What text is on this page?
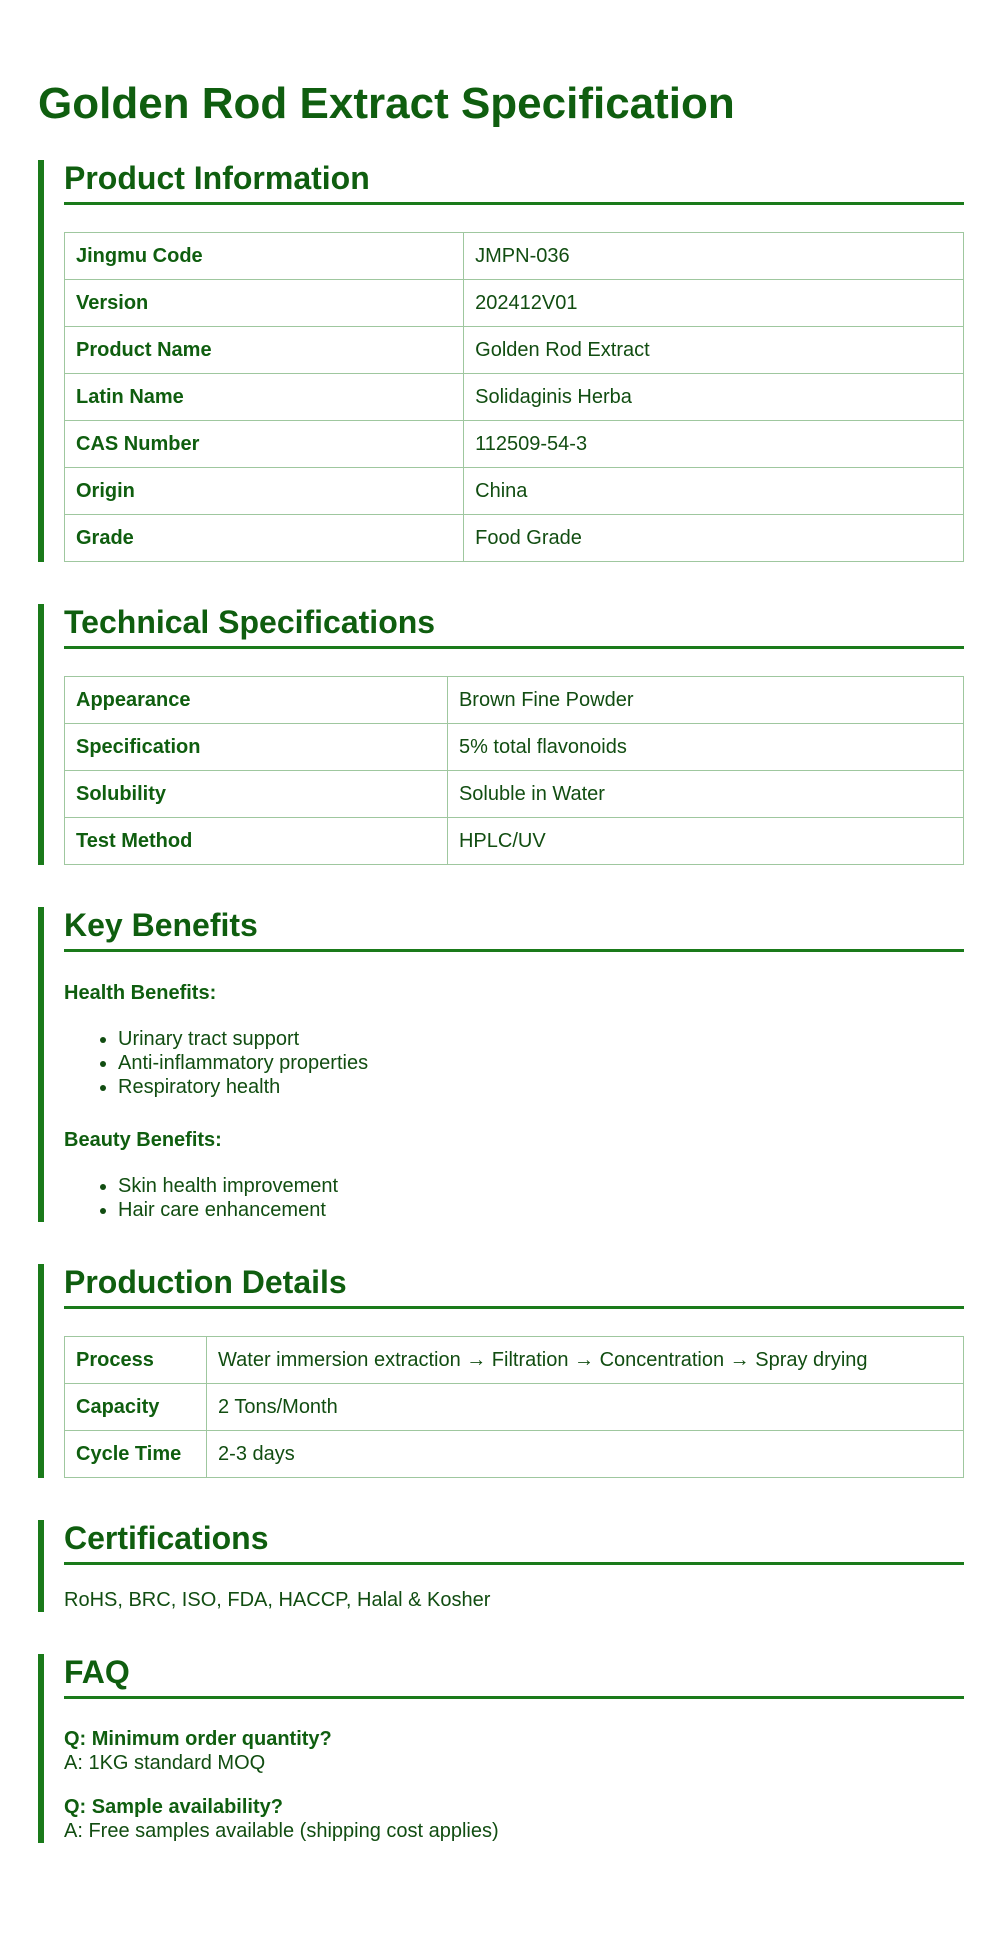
Golden Rod Extract Specification
Product Information
Jingmu Code	JMPN-036
Version	202412V01
Product Name	Golden Rod Extract
Latin Name	Solidaginis Herba
CAS Number	112509-54-3
Origin	China
Grade	Food Grade
Technical Specifications
Appearance	Brown Fine Powder
Specification	5% total flavonoids
Solubility	Soluble in Water
Test Method	HPLC/UV
Key Benefits
Health Benefits:
• Urinary tract support
• Anti-inflammatory properties
• Respiratory health
Beauty Benefits:
• Skin health improvement
• Hair care enhancement
Production Details
Process	Water immersion extraction → Filtration → Concentration → Spray drying
Capacity	2 Tons/Month
Cycle Time	2-3 days
Certifications
RoHS, BRC, ISO, FDA, HACCP, Halal & Kosher
FAQ
Q: Minimum order quantity?
A: 1KG standard MOQ
Q: Sample availability?
A: Free samples available (shipping cost applies)
